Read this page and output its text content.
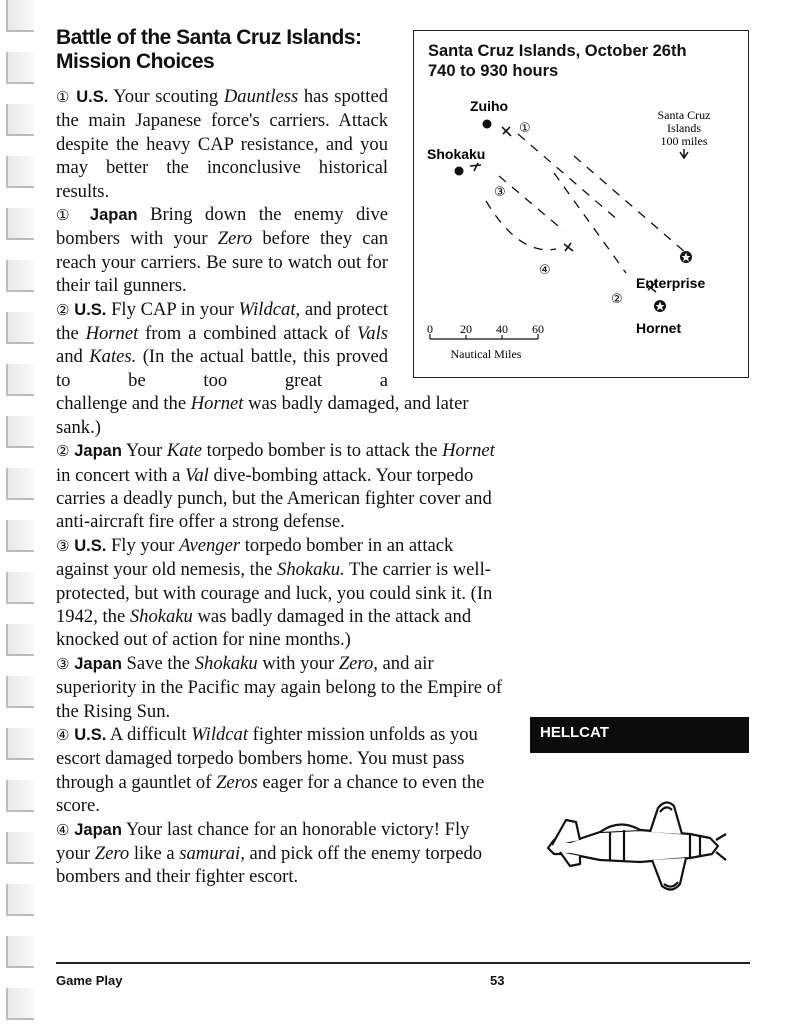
Battle of the Santa Cruz Islands:
Mission Choices

① U.S. Your scouting Dauntless has spotted the main Japanese force's carriers. Attack despite the heavy CAP resistance, and you may better the inconclusive historical results.

① Japan Bring down the enemy dive bombers with your Zero before they can reach your carriers. Be sure to watch out for their tail gunners.

② U.S. Fly CAP in your Wildcat, and protect the Hornet from a combined attack of Vals and Kates. (In the actual battle, this proved to be too great a

challenge and the Hornet was badly damaged, and later sank.)

② Japan Your Kate torpedo bomber is to attack the Hornet in concert with a Val dive-bombing attack. Your torpedo carries a deadly punch, but the American fighter cover and anti-aircraft fire offer a strong defense.

③ U.S. Fly your Avenger torpedo bomber in an attack against your old nemesis, the Shokaku. The carrier is well-protected, but with courage and luck, you could sink it. (In 1942, the Shokaku was badly damaged in the attack and knocked out of action for nine months.)

③ Japan Save the Shokaku with your Zero, and air superiority in the Pacific may again belong to the Empire of the Rising Sun.

④ U.S. A difficult Wildcat fighter mission unfolds as you escort damaged torpedo bombers home. You must pass through a gauntlet of Zeros eager for a chance to even the score.

④ Japan Your last chance for an honorable victory! Fly your Zero like a samurai, and pick off the enemy torpedo bombers and their fighter escort.

Santa Cruz Islands, October 26th
740 to 930 hours
Zuiho
Shokaku
Enterprise
Hornet
Santa Cruz
Islands
100 miles
①
③
④
②
0 20 40 60
Nautical Miles
HELLCAT
Game Play	53
